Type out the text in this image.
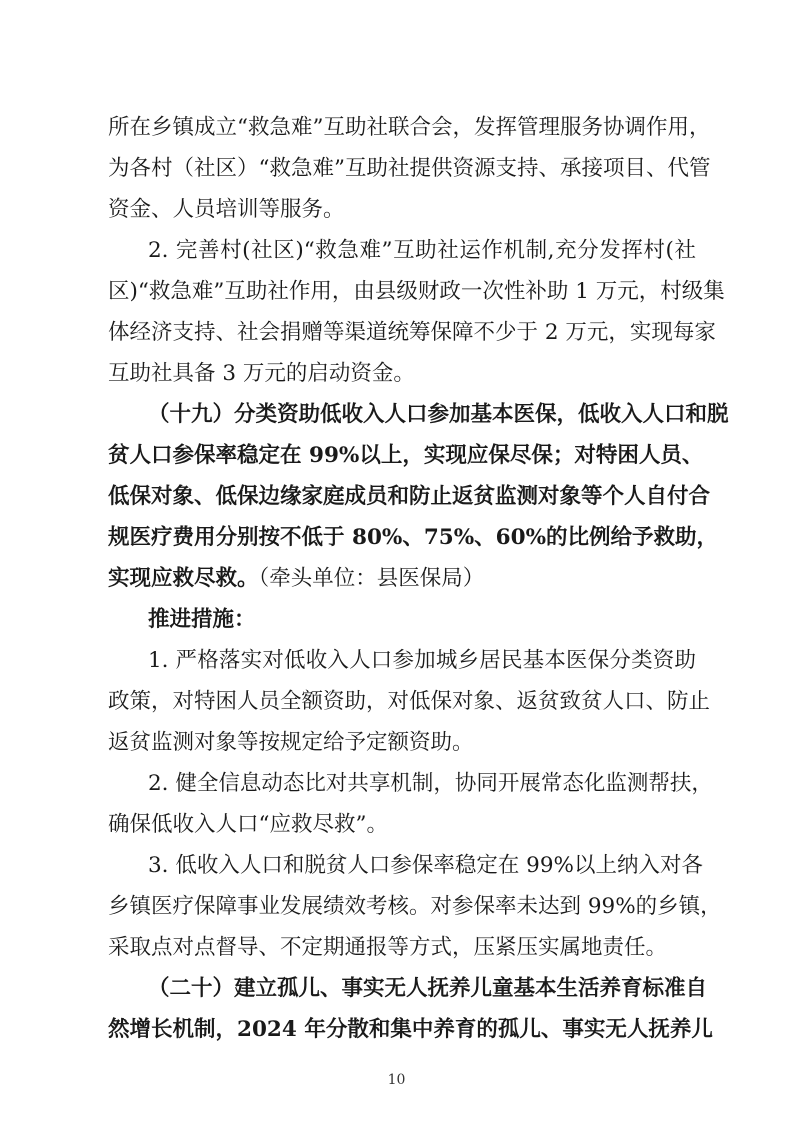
所在乡镇成立“救急难”互助社联合会，发挥管理服务协调作用，
为各村（社区）“救急难”互助社提供资源支持、承接项目、代管
资金、人员培训等服务。
2. 完善村(社区)“救急难”互助社运作机制,充分发挥村(社
区)“救急难”互助社作用，由县级财政一次性补助 1 万元，村级集
体经济支持、社会捐赠等渠道统筹保障不少于 2 万元，实现每家
互助社具备 3 万元的启动资金。
（十九）分类资助低收入人口参加基本医保，低收入人口和脱
贫人口参保率稳定在 99%以上，实现应保尽保；对特困人员、
低保对象、低保边缘家庭成员和防止返贫监测对象等个人自付合
规医疗费用分别按不低于 80%、75%、60%的比例给予救助，
实现应救尽救。（牵头单位：县医保局）
推进措施：
1. 严格落实对低收入人口参加城乡居民基本医保分类资助
政策，对特困人员全额资助，对低保对象、返贫致贫人口、防止
返贫监测对象等按规定给予定额资助。
2. 健全信息动态比对共享机制，协同开展常态化监测帮扶，
确保低收入人口“应救尽救”。
3. 低收入人口和脱贫人口参保率稳定在 99%以上纳入对各
乡镇医疗保障事业发展绩效考核。对参保率未达到 99%的乡镇，
采取点对点督导、不定期通报等方式，压紧压实属地责任。
（二十）建立孤儿、事实无人抚养儿童基本生活养育标准自
然增长机制，2024 年分散和集中养育的孤儿、事实无人抚养儿
10
